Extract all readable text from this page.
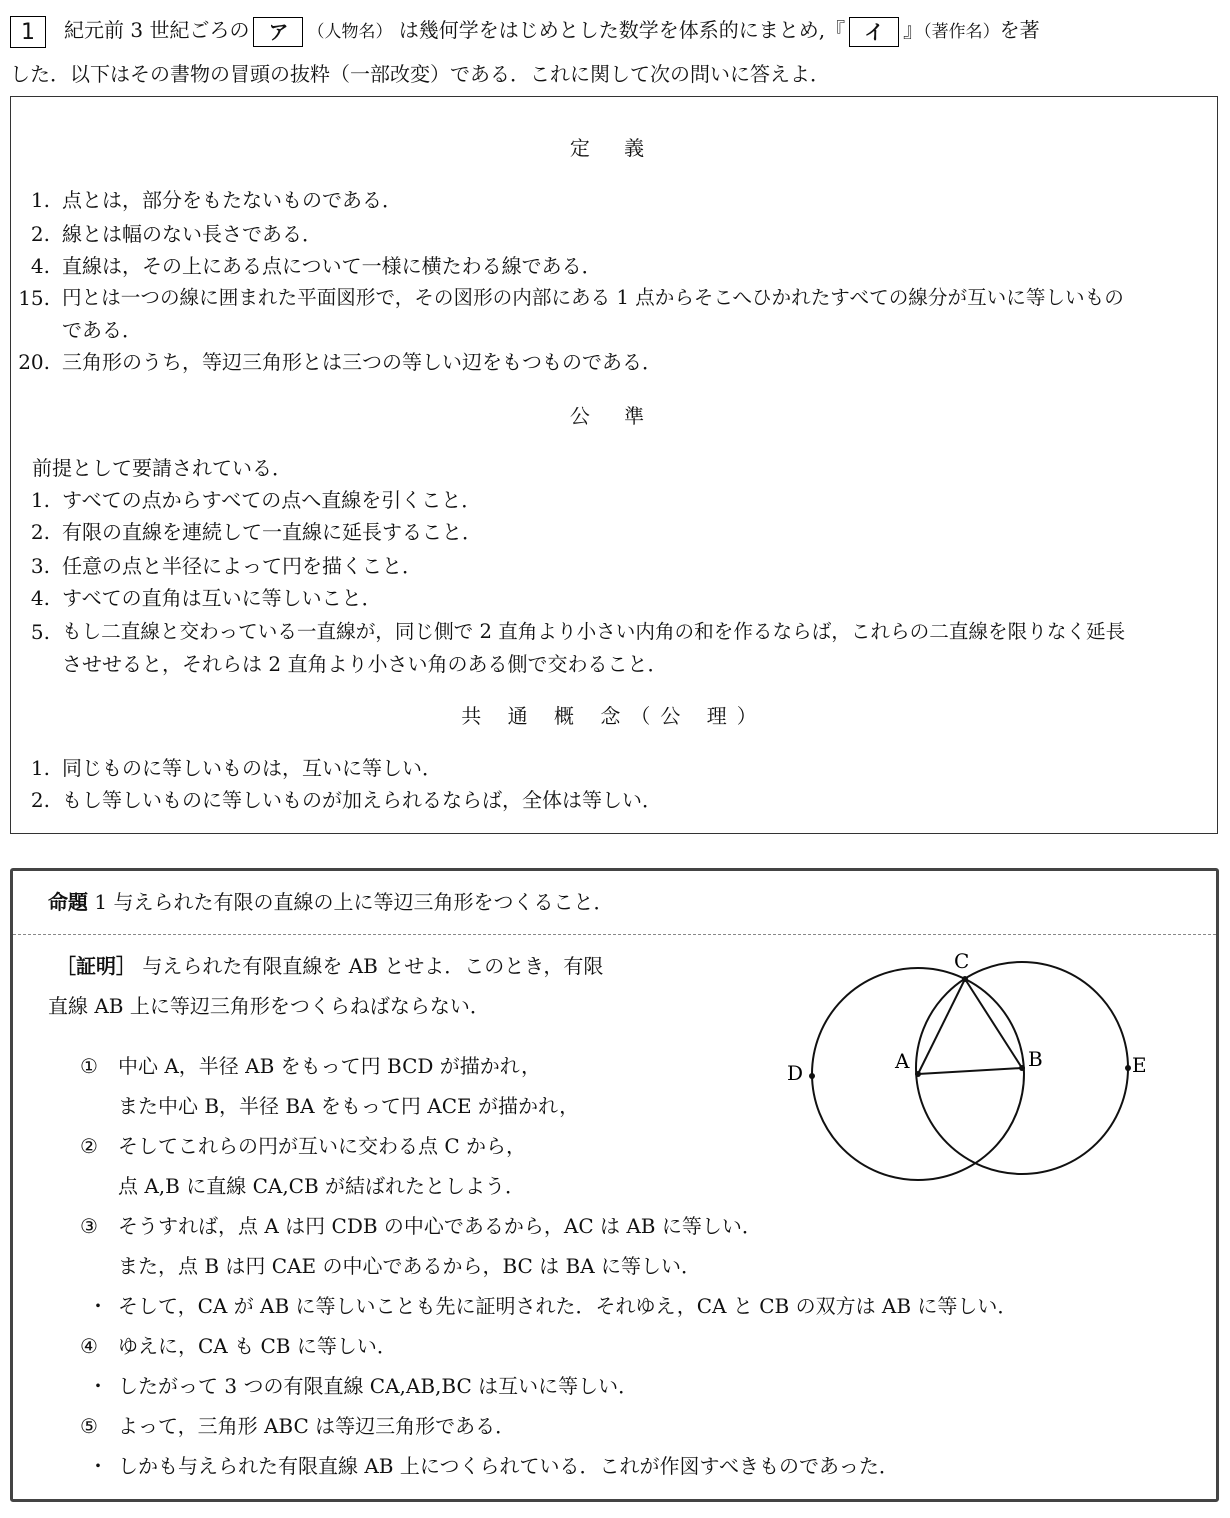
1	紀元前 3 世紀ごろの ア （人物名） は幾何学をはじめとした数学を体系的にまとめ,『 イ 』（著作名）を著
した．以下はその書物の冒頭の抜粋（一部改変）である．これに関して次の問いに答えよ．
定 義
1. 点とは，部分をもたないものである．
2. 線とは幅のない長さである．
4. 直線は，その上にある点について一様に横たわる線である．
15. 円とは一つの線に囲まれた平面図形で，その図形の内部にある 1 点からそこへひかれたすべての線分が互いに等しいもの
である．
20. 三角形のうち，等辺三角形とは三つの等しい辺をもつものである．
公 準
前提として要請されている．
1. すべての点からすべての点へ直線を引くこと．
2. 有限の直線を連続して一直線に延長すること．
3. 任意の点と半径によって円を描くこと．
4. すべての直角は互いに等しいこと．
5. もし二直線と交わっている一直線が，同じ側で 2 直角より小さい内角の和を作るならば，これらの二直線を限りなく延長
させせると，それらは 2 直角より小さい角のある側で交わること．
共 通 概 念（公 理）
1. 同じものに等しいものは，互いに等しい．
2. もし等しいものに等しいものが加えられるならば，全体は等しい．
命題 1 与えられた有限の直線の上に等辺三角形をつくること．
［証明］ 与えられた有限直線を AB とせよ．このとき，有限
直線 AB 上に等辺三角形をつくらねばならない．
① 中心 A，半径 AB をもって円 BCD が描かれ，
また中心 B，半径 BA をもって円 ACE が描かれ，
② そしてこれらの円が互いに交わる点 C から，
点 A,B に直線 CA,CB が結ばれたとしよう．
③ そうすれば，点 A は円 CDB の中心であるから，AC は AB に等しい．
また，点 B は円 CAE の中心であるから，BC は BA に等しい．
・ そして，CA が AB に等しいことも先に証明された．それゆえ，CA と CB の双方は AB に等しい．
④ ゆえに，CA も CB に等しい．
・ したがって 3 つの有限直線 CA,AB,BC は互いに等しい．
⑤ よって，三角形 ABC は等辺三角形である．
・ しかも与えられた有限直線 AB 上につくられている．これが作図すべきものであった．
A	B
C
D	E
